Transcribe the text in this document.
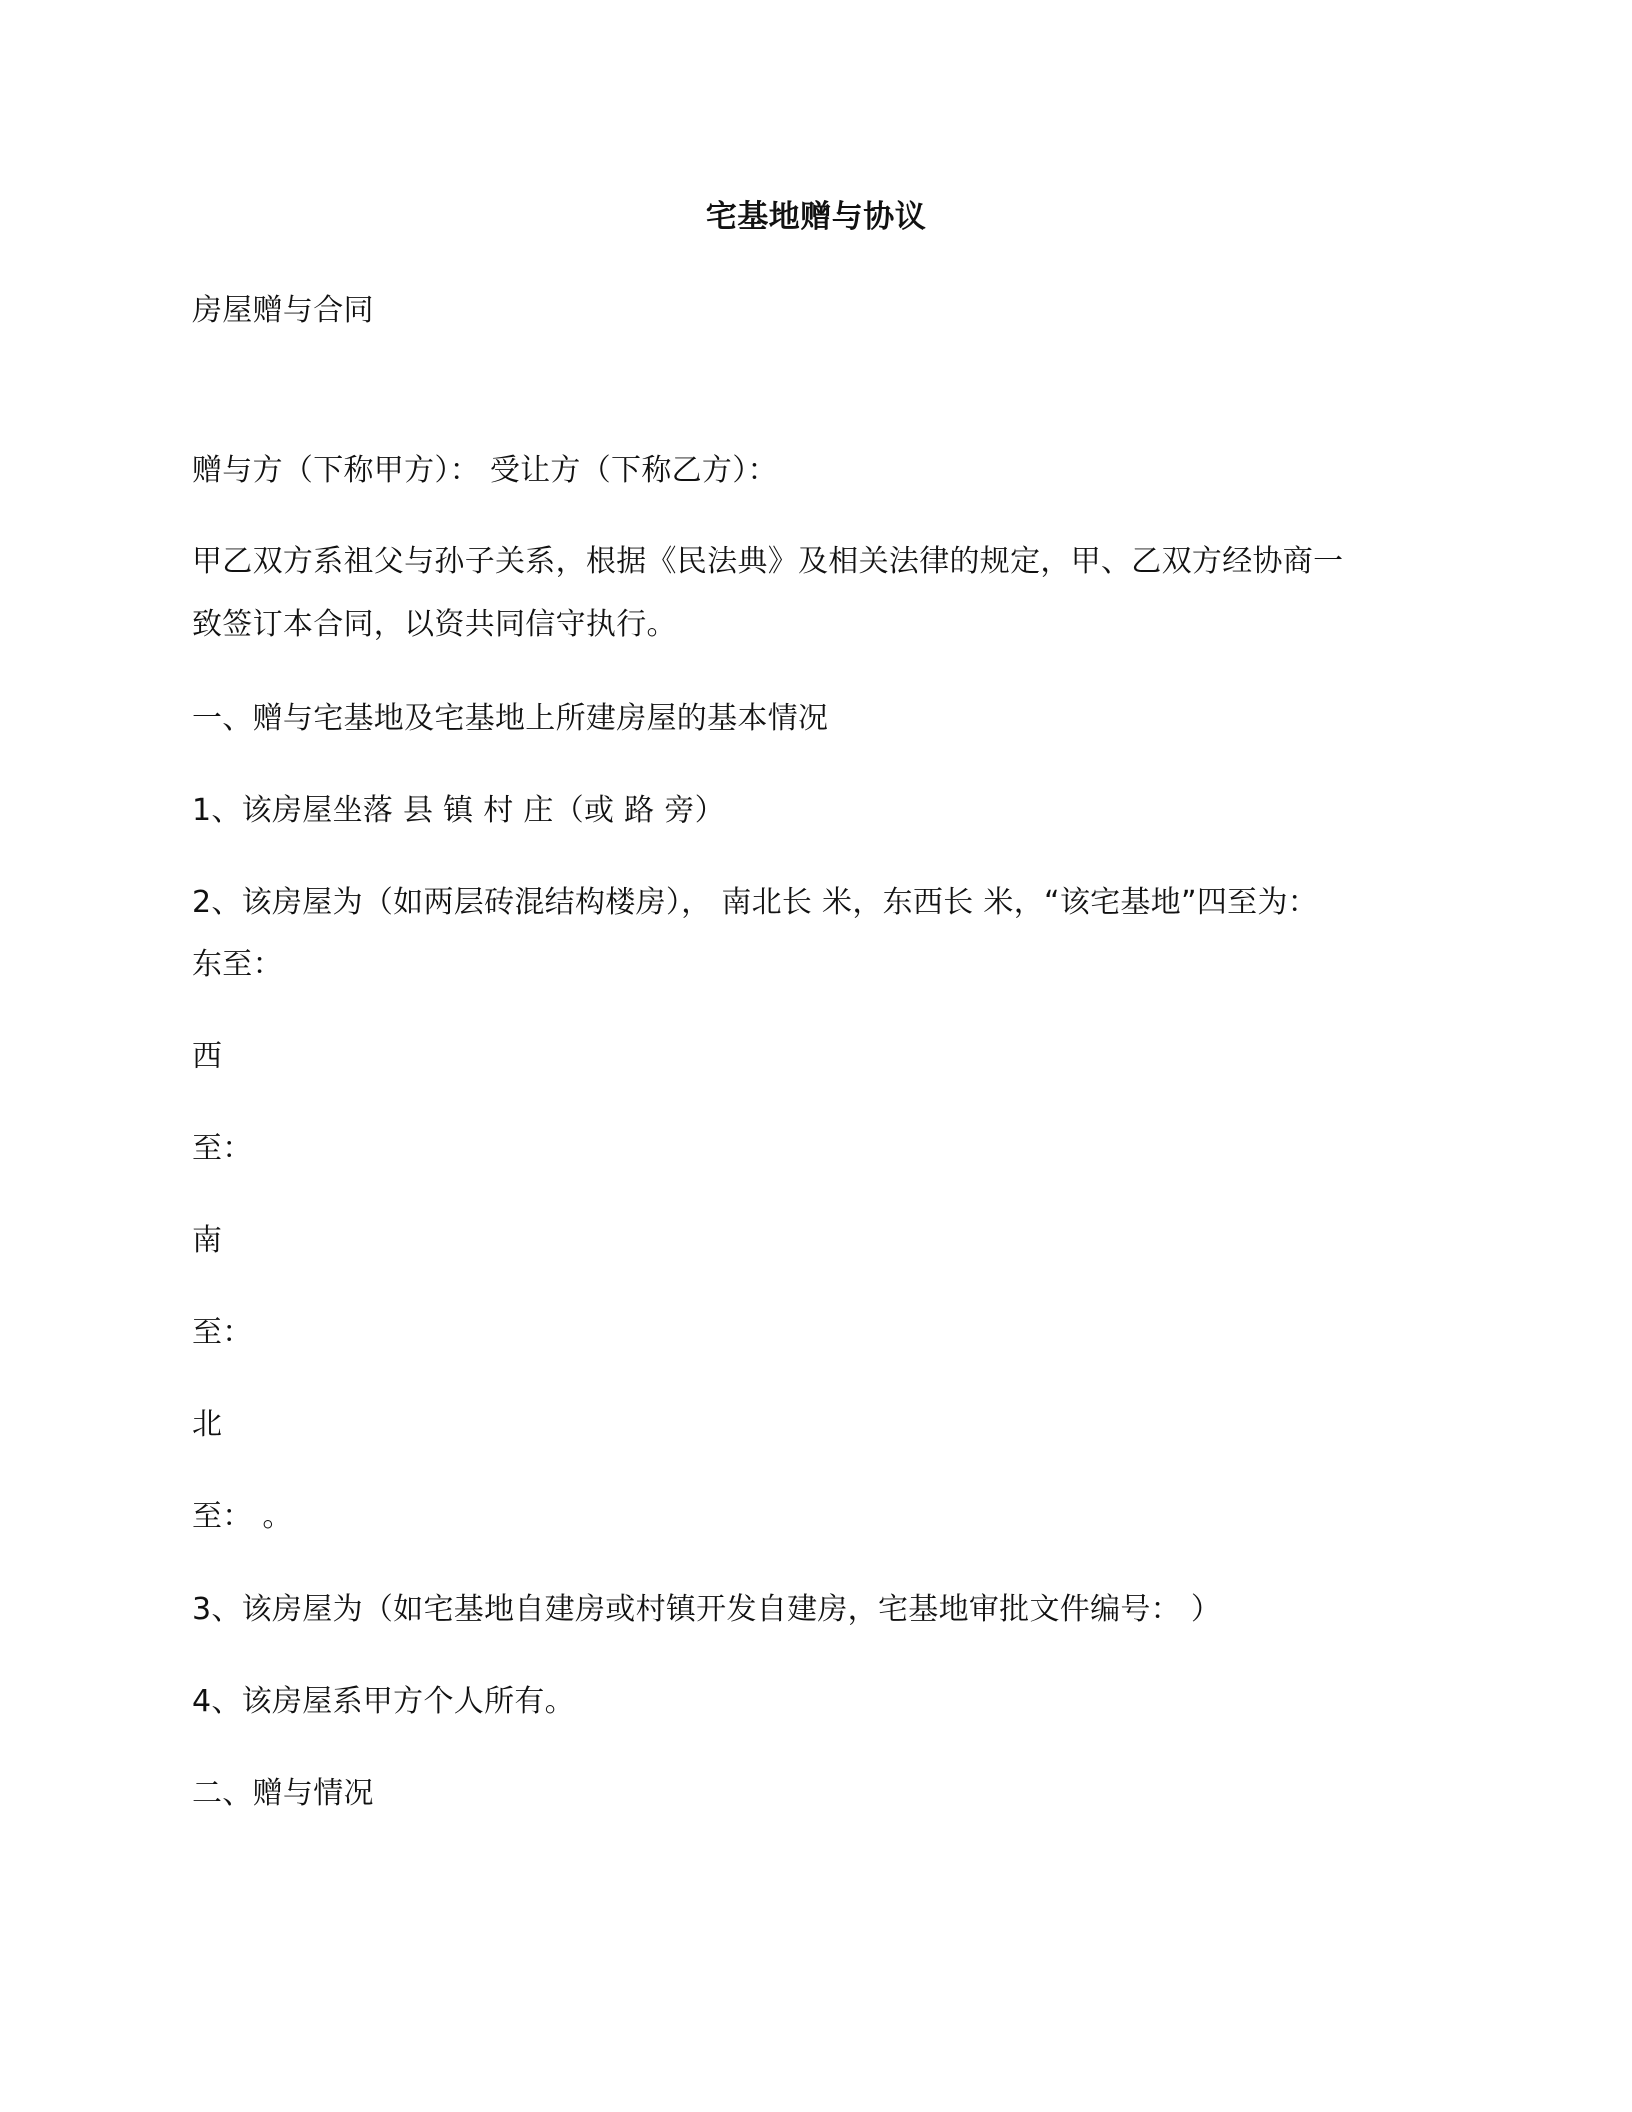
宅基地赠与协议
房屋赠与合同
赠与方（下称甲方）： 受让方（下称乙方）：
甲乙双方系祖父与孙子关系，根据《民法典》及相关法律的规定，甲、乙双方经协商一
致签订本合同，以资共同信守执行。
一、赠与宅基地及宅基地上所建房屋的基本情况
1、该房屋坐落 县 镇 村 庄（或 路 旁）
2、该房屋为（如两层砖混结构楼房）， 南北长 米，东西长 米，“该宅基地”四至为：
东至：
西
至：
南
至：
北
至： 。
3、该房屋为（如宅基地自建房或村镇开发自建房，宅基地审批文件编号： ）
4、该房屋系甲方个人所有。
二、赠与情况
